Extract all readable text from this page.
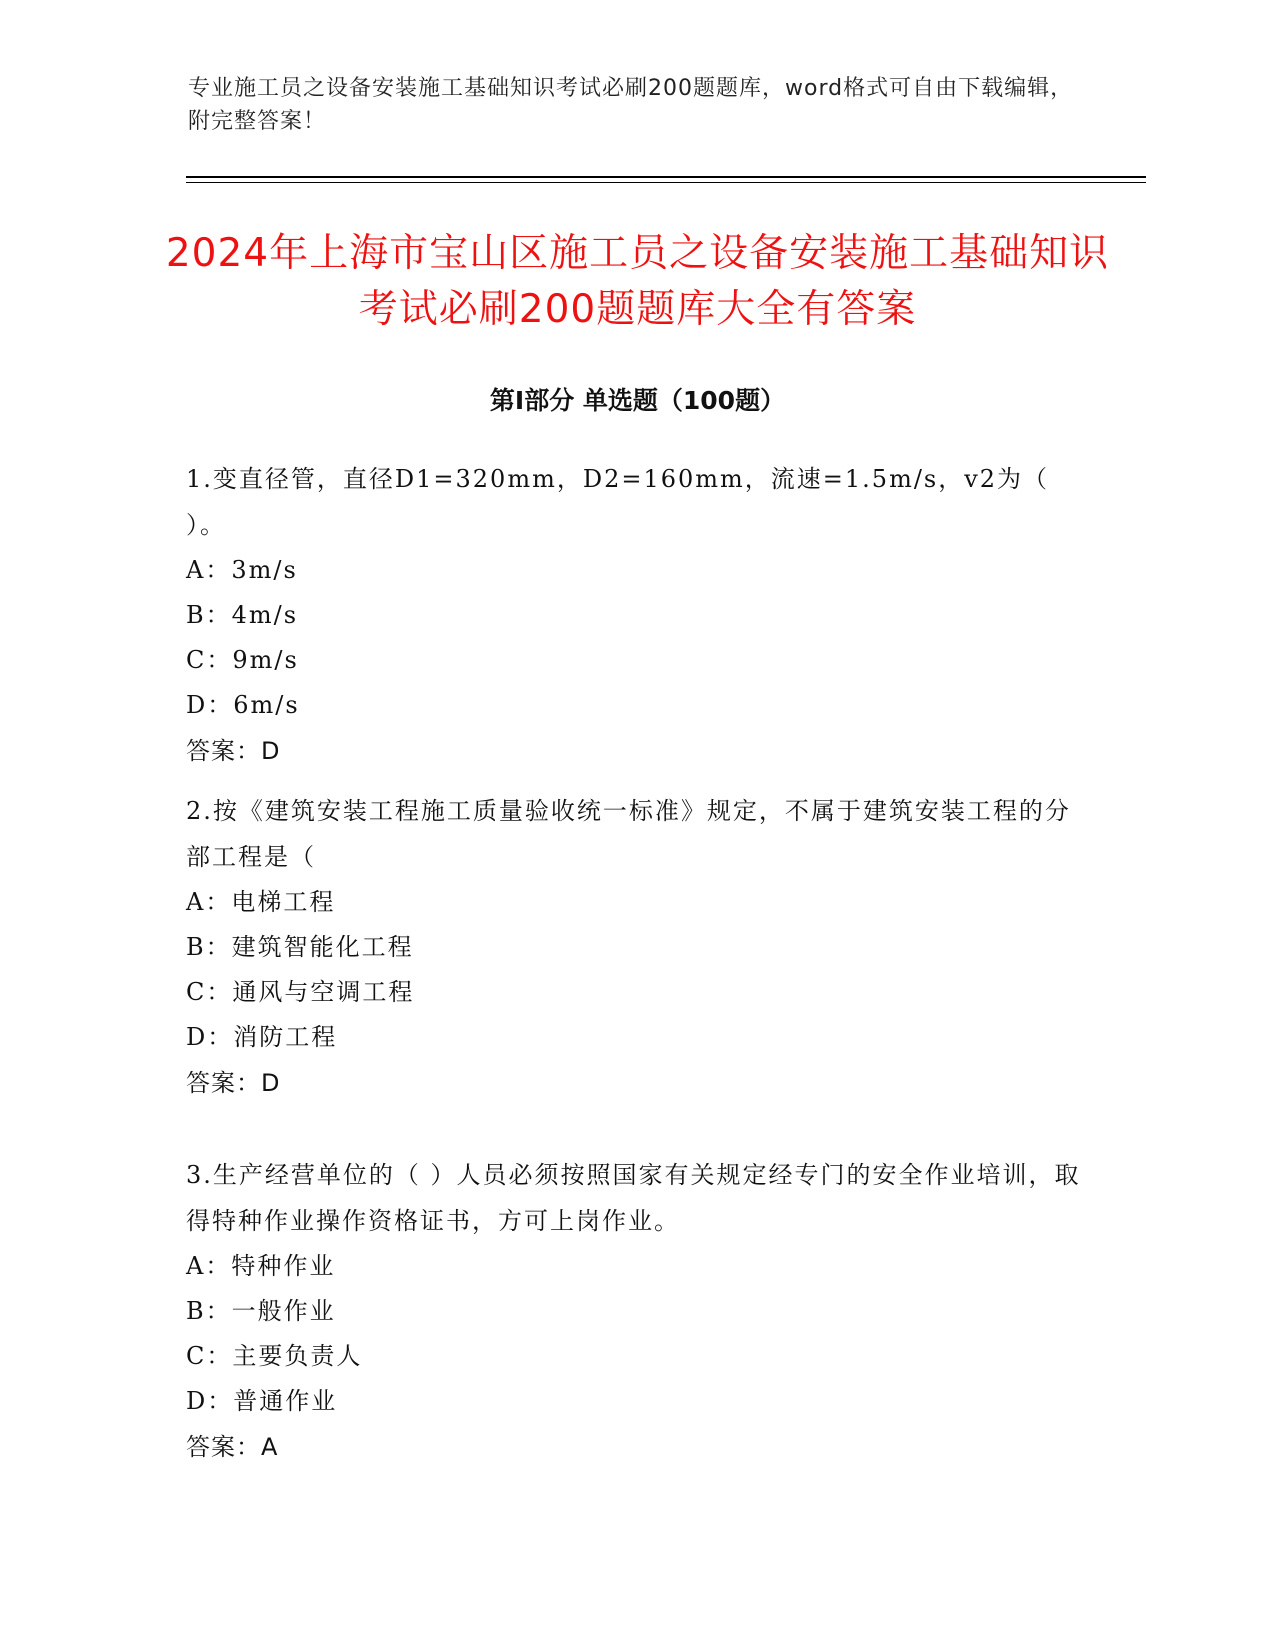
专业施工员之设备安装施工基础知识考试必刷200题题库，word格式可自由下载编辑，附完整答案！
2024年上海市宝山区施工员之设备安装施工基础知识考试必刷200题题库大全有答案
第Ⅰ部分 单选题（100题）
1.变直径管，直径D1=320mm，D2=160mm，流速=1.5m/s，v2为（ ）。
A：3m/s
B：4m/s
C：9m/s
D：6m/s
答案：D
2.按《建筑安装工程施工质量验收统一标准》规定，不属于建筑安装工程的分部工程是（
A：电梯工程
B：建筑智能化工程
C：通风与空调工程
D：消防工程
答案：D
3.生产经营单位的（ ）人员必须按照国家有关规定经专门的安全作业培训，取得特种作业操作资格证书，方可上岗作业。
A：特种作业
B：一般作业
C：主要负责人
D：普通作业
答案：A
